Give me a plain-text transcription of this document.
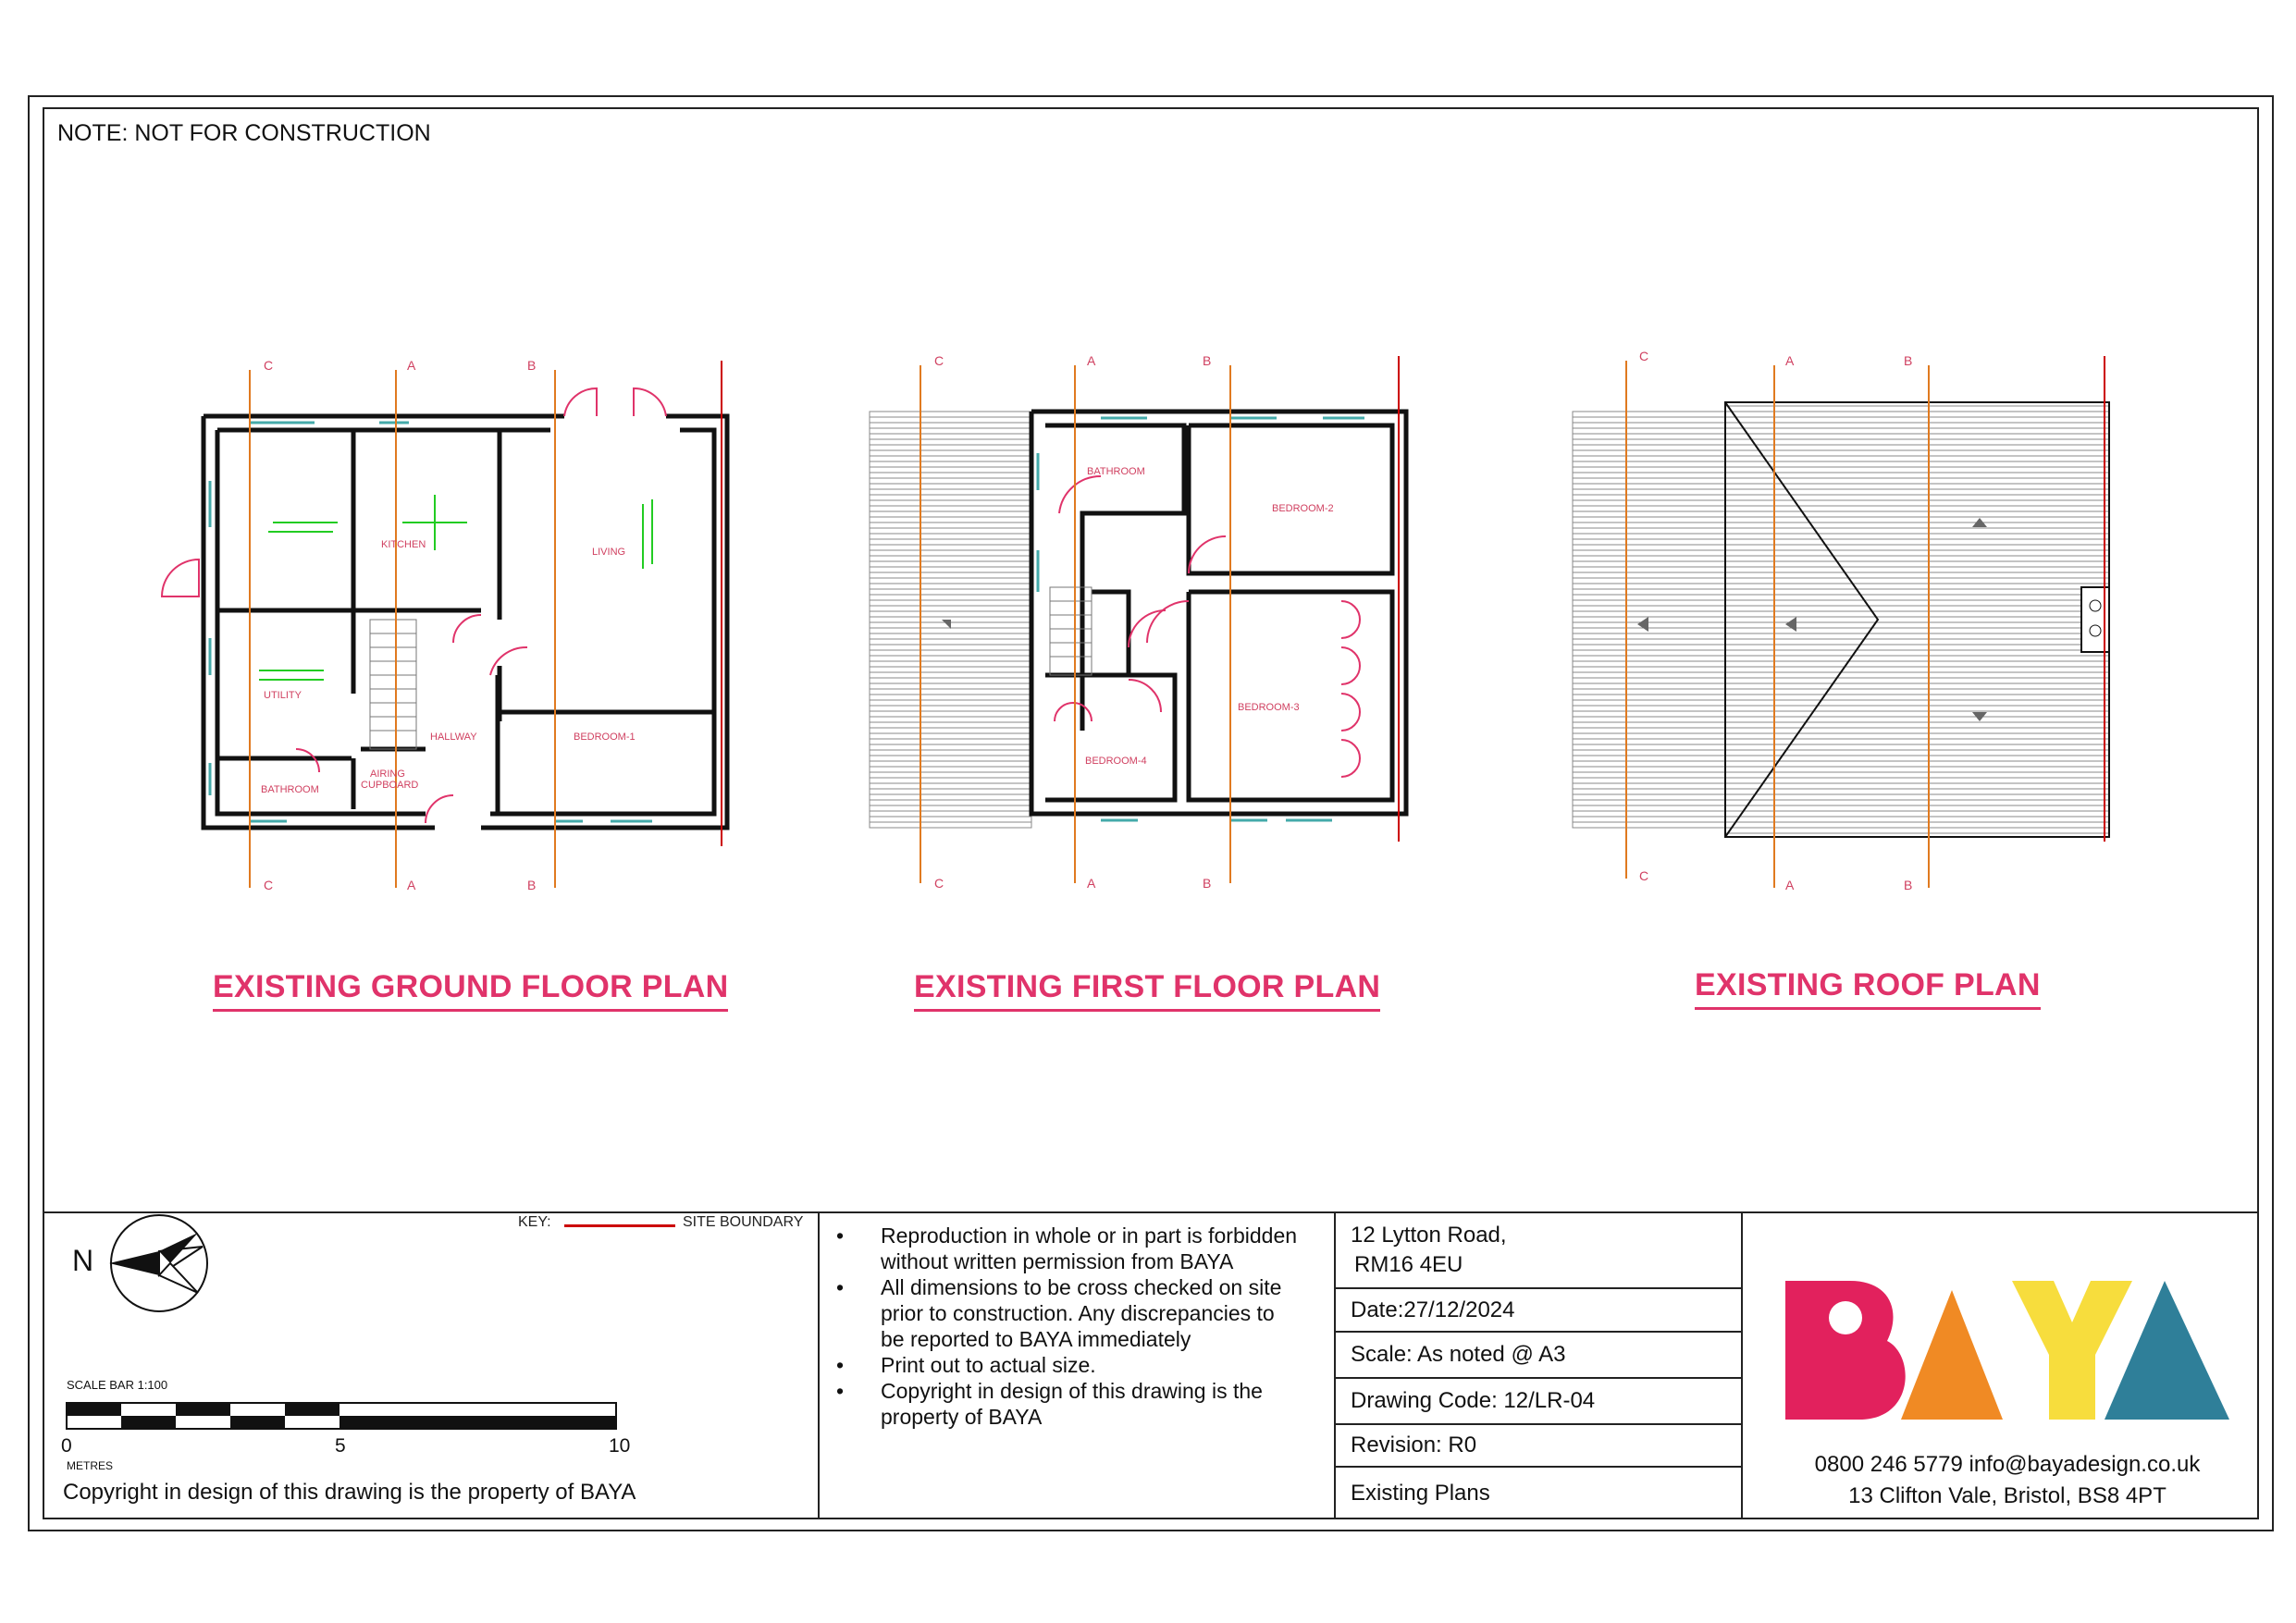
NOTE: NOT FOR CONSTRUCTION
KITCHEN
LIVING
UTILITY
HALLWAY
BATHROOM
AIRING
CUPBOARD
BEDROOM-1
C	A	B
C	A	B
EXISTING GROUND FLOOR PLAN
BATHROOM
BEDROOM-2
BEDROOM-3
BEDROOM-4
C	A	B
C	A	B
EXISTING FIRST FLOOR PLAN
C	A	B
C
A	B
EXISTING ROOF PLAN
KEY:	SITE BOUNDARY
N
SCALE BAR 1:100
0	5	10
METRES
Copyright in design of this drawing is the property of BAYA
• Reproduction in whole or in part is forbidden without written permission from BAYA
• All dimensions to be cross checked on site prior to construction. Any discrepancies to be reported to BAYA immediately
• Print out to actual size.
• Copyright in design of this drawing is the property of BAYA
12 Lytton Road,
RM16 4EU
Date:27/12/2024
Scale: As noted @ A3
Drawing Code: 12/LR-04
Revision: R0
Existing Plans
0800 246 5779 info@bayadesign.co.uk
13 Clifton Vale, Bristol, BS8 4PT
